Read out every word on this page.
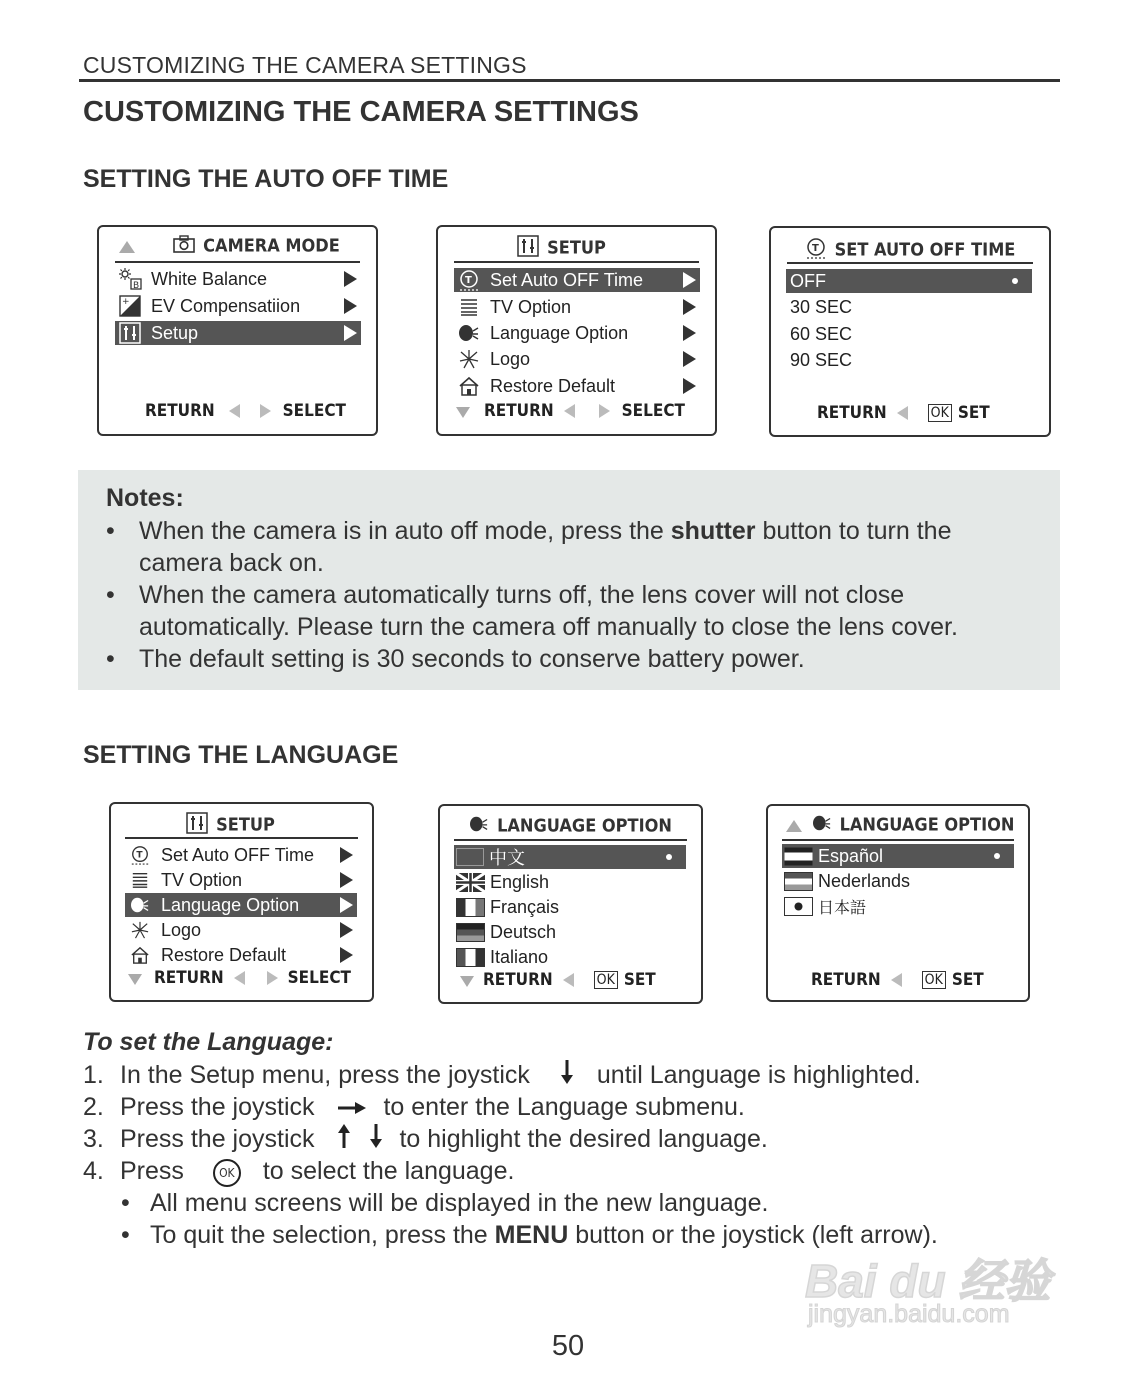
CUSTOMIZING THE CAMERA SETTINGS
CUSTOMIZING THE CAMERA SETTINGS
SETTING THE AUTO OFF TIME
CAMERA MODE
B White Balance
+ EV Compensatiion
Setup
RETURN	SELECT
SETUP
T Set Auto OFF Time
TV Option
Language Option
Logo
Restore Default
RETURN	SELECT
T SET AUTO OFF TIME
OFF
30 SEC
60 SEC
90 SEC
RETURN	OK SET
Notes:
• When the camera is in auto off mode, press the shutter button to turn the camera back on.
• When the camera automatically turns off, the lens cover will not close automatically. Please turn the camera off manually to close the lens cover.
• The default setting is 30 seconds to conserve battery power.
SETTING THE LANGUAGE
SETUP
T Set Auto OFF Time
TV Option
Language Option
Logo
Restore Default
RETURN	SELECT
LANGUAGE OPTION
中文
English
Français
Deutsch
Italiano
RETURN	OK SET
LANGUAGE OPTION
Español
Nederlands
日本語
RETURN	OK SET
To set the Language:
1. In the Setup menu, press the joystick	until Language is highlighted.
2. Press the joystick	to enter the Language submenu.
3. Press the joystick	to highlight the desired language.
4. Press	OK to select the language.
• All menu screens will be displayed in the new language.
• To quit the selection, press the MENU button or the joystick (left arrow).
Bai du 经验
jingyan.baidu.com
50
